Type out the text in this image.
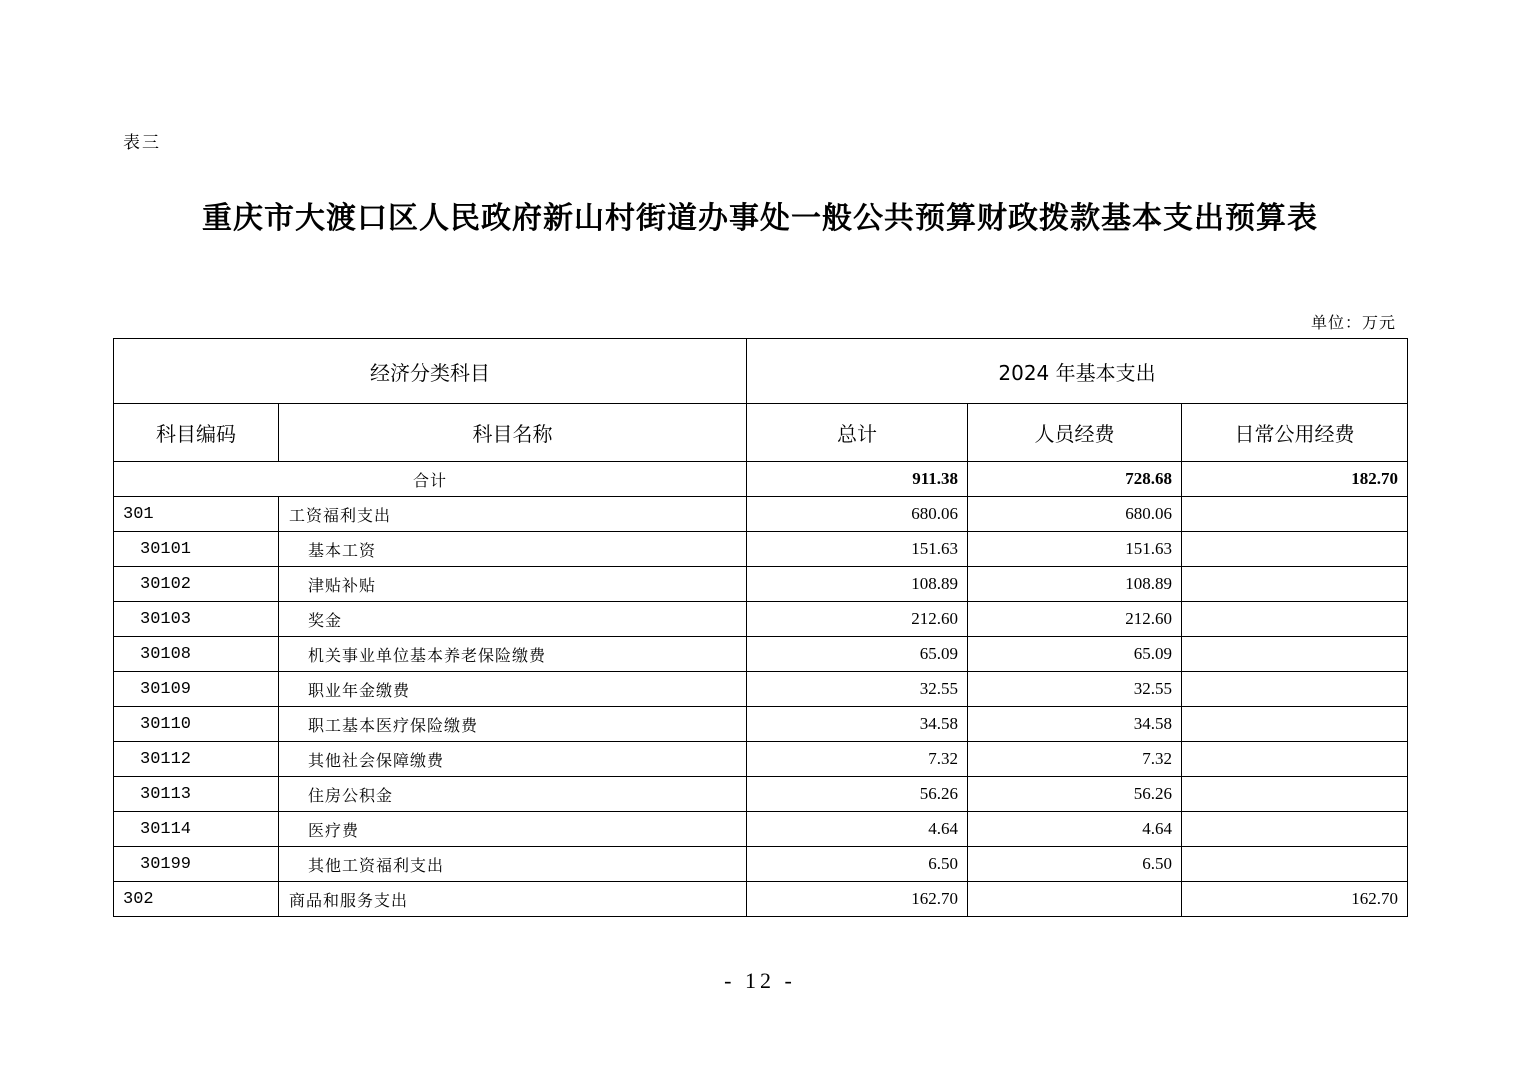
表三
重庆市大渡口区人民政府新山村街道办事处一般公共预算财政拨款基本支出预算表
单位：万元
经济分类科目		2024 年基本支出		
科目编码	科目名称	总计	人员经费	日常公用经费
合计		911.38	728.68	182.70
301	工资福利支出	680.06	680.06	
30101	基本工资	151.63	151.63	
30102	津贴补贴	108.89	108.89	
30103	奖金	212.60	212.60	
30108	机关事业单位基本养老保险缴费	65.09	65.09	
30109	职业年金缴费	32.55	32.55	
30110	职工基本医疗保险缴费	34.58	34.58	
30112	其他社会保障缴费	7.32	7.32	
30113	住房公积金	56.26	56.26	
30114	医疗费	4.64	4.64	
30199	其他工资福利支出	6.50	6.50	
302	商品和服务支出	162.70		162.70
- 12 -
